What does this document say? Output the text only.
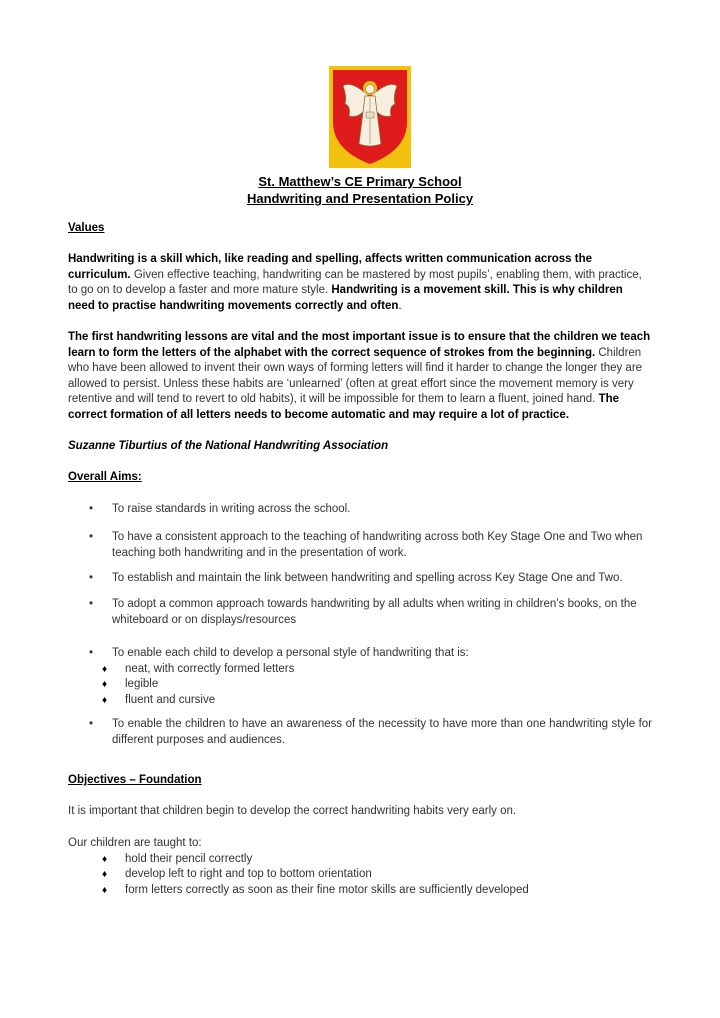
St. Matthew’s CE Primary School
Handwriting and Presentation Policy

Values

Handwriting is a skill which, like reading and spelling, affects written communication across the curriculum. Given effective teaching, handwriting can be mastered by most pupils’, enabling them, with practice, to go on to develop a faster and more mature style. Handwriting is a movement skill. This is why children need to practise handwriting movements correctly and often.
The first handwriting lessons are vital and the most important issue is to ensure that the children we teach learn to form the letters of the alphabet with the correct sequence of strokes from the beginning. Children who have been allowed to invent their own ways of forming letters will find it harder to change the longer they are allowed to persist. Unless these habits are ‘unlearned’ (often at great effort since the movement memory is very retentive and will tend to revert to old habits), it will be impossible for them to learn a fluent, joined hand. The correct formation of all letters needs to become automatic and may require a lot of practice.

Suzanne Tiburtius of the National Handwriting Association

Overall Aims:

• To raise standards in writing across the school.
• To have a consistent approach to the teaching of handwriting across both Key Stage One and Two when teaching both handwriting and in the presentation of work.
• To establish and maintain the link between handwriting and spelling across Key Stage One and Two.
• To adopt a common approach towards handwriting by all adults when writing in children’s books, on the whiteboard or on displays/resources
• To enable each child to develop a personal style of handwriting that is:
♦ neat, with correctly formed letters
♦ legible
♦ fluent and cursive
• To enable the children to have an awareness of the necessity to have more than one handwriting style for different purposes and audiences.

Objectives – Foundation

It is important that children begin to develop the correct handwriting habits very early on.

Our children are taught to:

♦ hold their pencil correctly
♦ develop left to right and top to bottom orientation
♦ form letters correctly as soon as their fine motor skills are sufficiently developed
